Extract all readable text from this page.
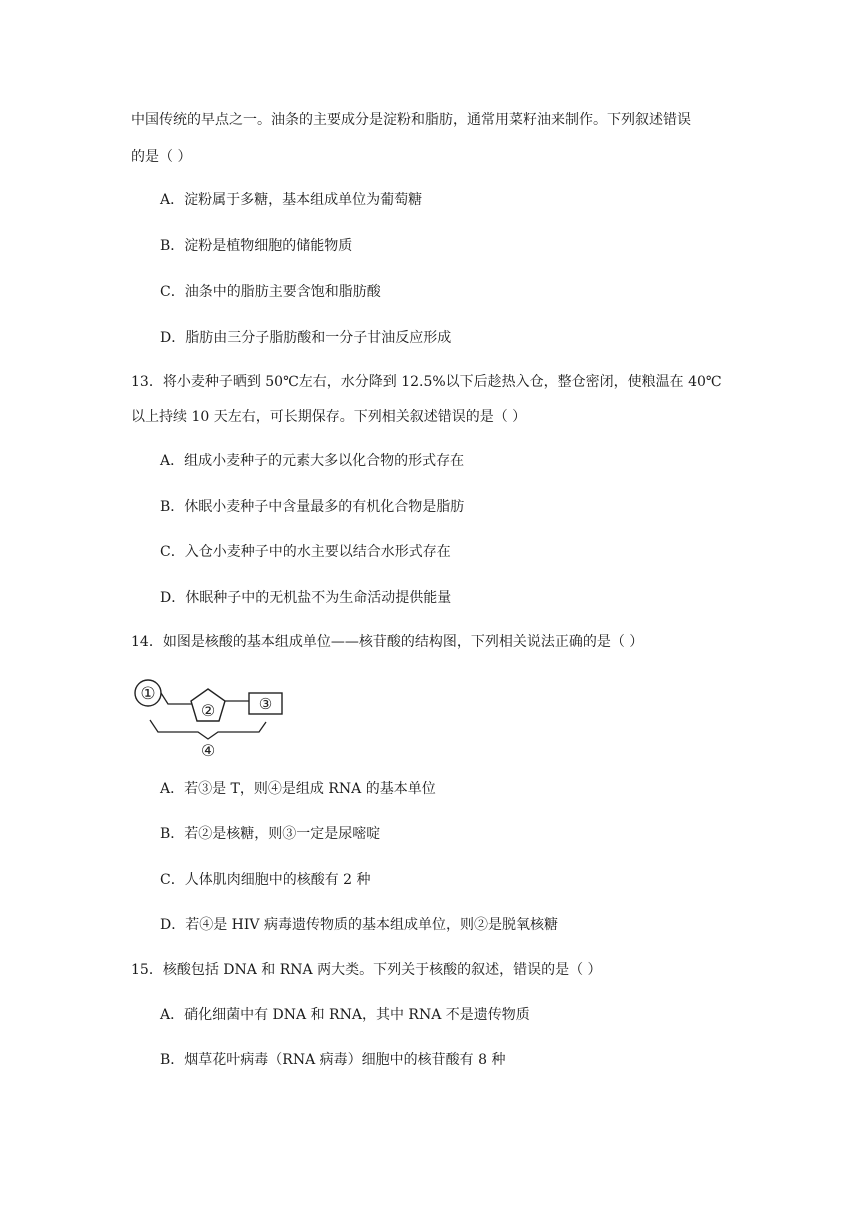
中国传统的早点之一。油条的主要成分是淀粉和脂肪，通常用菜籽油来制作。下列叙述错误
的是（ ）
A．淀粉属于多糖，基本组成单位为葡萄糖
B．淀粉是植物细胞的储能物质
C．油条中的脂肪主要含饱和脂肪酸
D．脂肪由三分子脂肪酸和一分子甘油反应形成
13．将小麦种子晒到 50℃左右，水分降到 12.5%以下后趁热入仓，整仓密闭，使粮温在 40℃
以上持续 10 天左右，可长期保存。下列相关叙述错误的是（ ）
A．组成小麦种子的元素大多以化合物的形式存在
B．休眠小麦种子中含量最多的有机化合物是脂肪
C．入仓小麦种子中的水主要以结合水形式存在
D．休眠种子中的无机盐不为生命活动提供能量
14．如图是核酸的基本组成单位——核苷酸的结构图，下列相关说法正确的是（ ）
①
②	③
④
A．若③是 T，则④是组成 RNA 的基本单位
B．若②是核糖，则③一定是尿嘧啶
C．人体肌肉细胞中的核酸有 2 种
D．若④是 HIV 病毒遗传物质的基本组成单位，则②是脱氧核糖
15．核酸包括 DNA 和 RNA 两大类。下列关于核酸的叙述，错误的是（ ）
A．硝化细菌中有 DNA 和 RNA，其中 RNA 不是遗传物质
B．烟草花叶病毒（RNA 病毒）细胞中的核苷酸有 8 种
